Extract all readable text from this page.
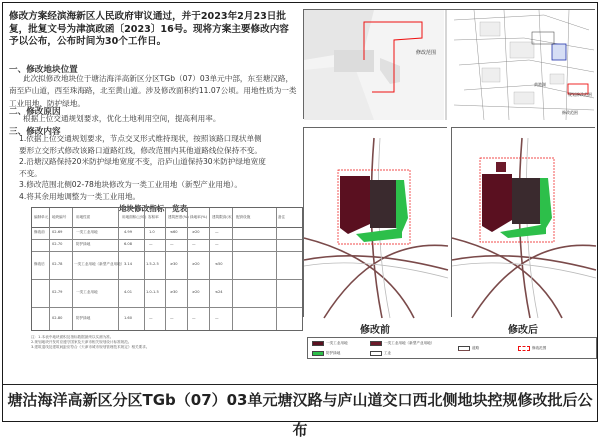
修改方案经滨海新区人民政府审议通过，并于2023年2月23日批复，批复文号为津滨政函〔2023〕16号。现将方案主要修改内容予以公布，公布时间为30个工作日。
一、修改地块位置

此次拟修改地块位于塘沽海洋高新区分区TGb（07）03单元中部，东至塘汉路，南至庐山道，西至珠海路，北至黄山道。涉及修改面积约11.07公顷。用地性质为一类工业用地、防护绿地。

二、修改原因

根据上位交通规划要求，优化土地利用空间，提高利用率。

三、修改内容
1.依据上位交通规划要求，节点交叉形式维持现状，按照该路口现状单侧
要形立交形式修改该路口道路红线，修改范围内其他道路线位保持不变。
2.沿塘汉路保持20米防护绿地宽度不变，沿庐山道保持30米防护绿地宽度
不变。
3.修改范围北侧02-78地块修改为一类工业用地（新型产业用地）。
4.将其余用地调整为一类工业用地。
地块修改指标一览表
编制单元 地块编号	用地性质	用地面积(公顷) 容积率	建筑密度(%) 绿地率(%) 建筑限高(米) 配套设施	备注
修改前 02-69	一类工业用地	4.99	1.0	≤60	≥20	—
02-70	防护绿地	6.08	—	—	—	—
修改后 02-78	一类工业用地（新型产业用地） 3.14	1.5-2.5	≥30	≥20	≤50
02-79	一类工业用地	4.01	1.0-1.5	≥30	≥20	≤24
02-80	防护绿地	1.60	—	—	—	—
注：1.本表中地块面积及指标数据最终以实测为准。
2.规划地块开发时应遵守国家及天津市相关规划设计标准规范。
3.建筑退线及建筑间距应符合《天津市城市规划管理技术规定》相关要求。
修改范围
规划修改范围
黄港湖
修改范围
修改前	修改后
一类工业用地	一类工业用地（新型产业用地）
防护绿地	工业
道路	修改范围
塘沽海洋高新区分区TGb（07）03单元塘汉路与庐山道交口西北侧地块控规修改批后公布
